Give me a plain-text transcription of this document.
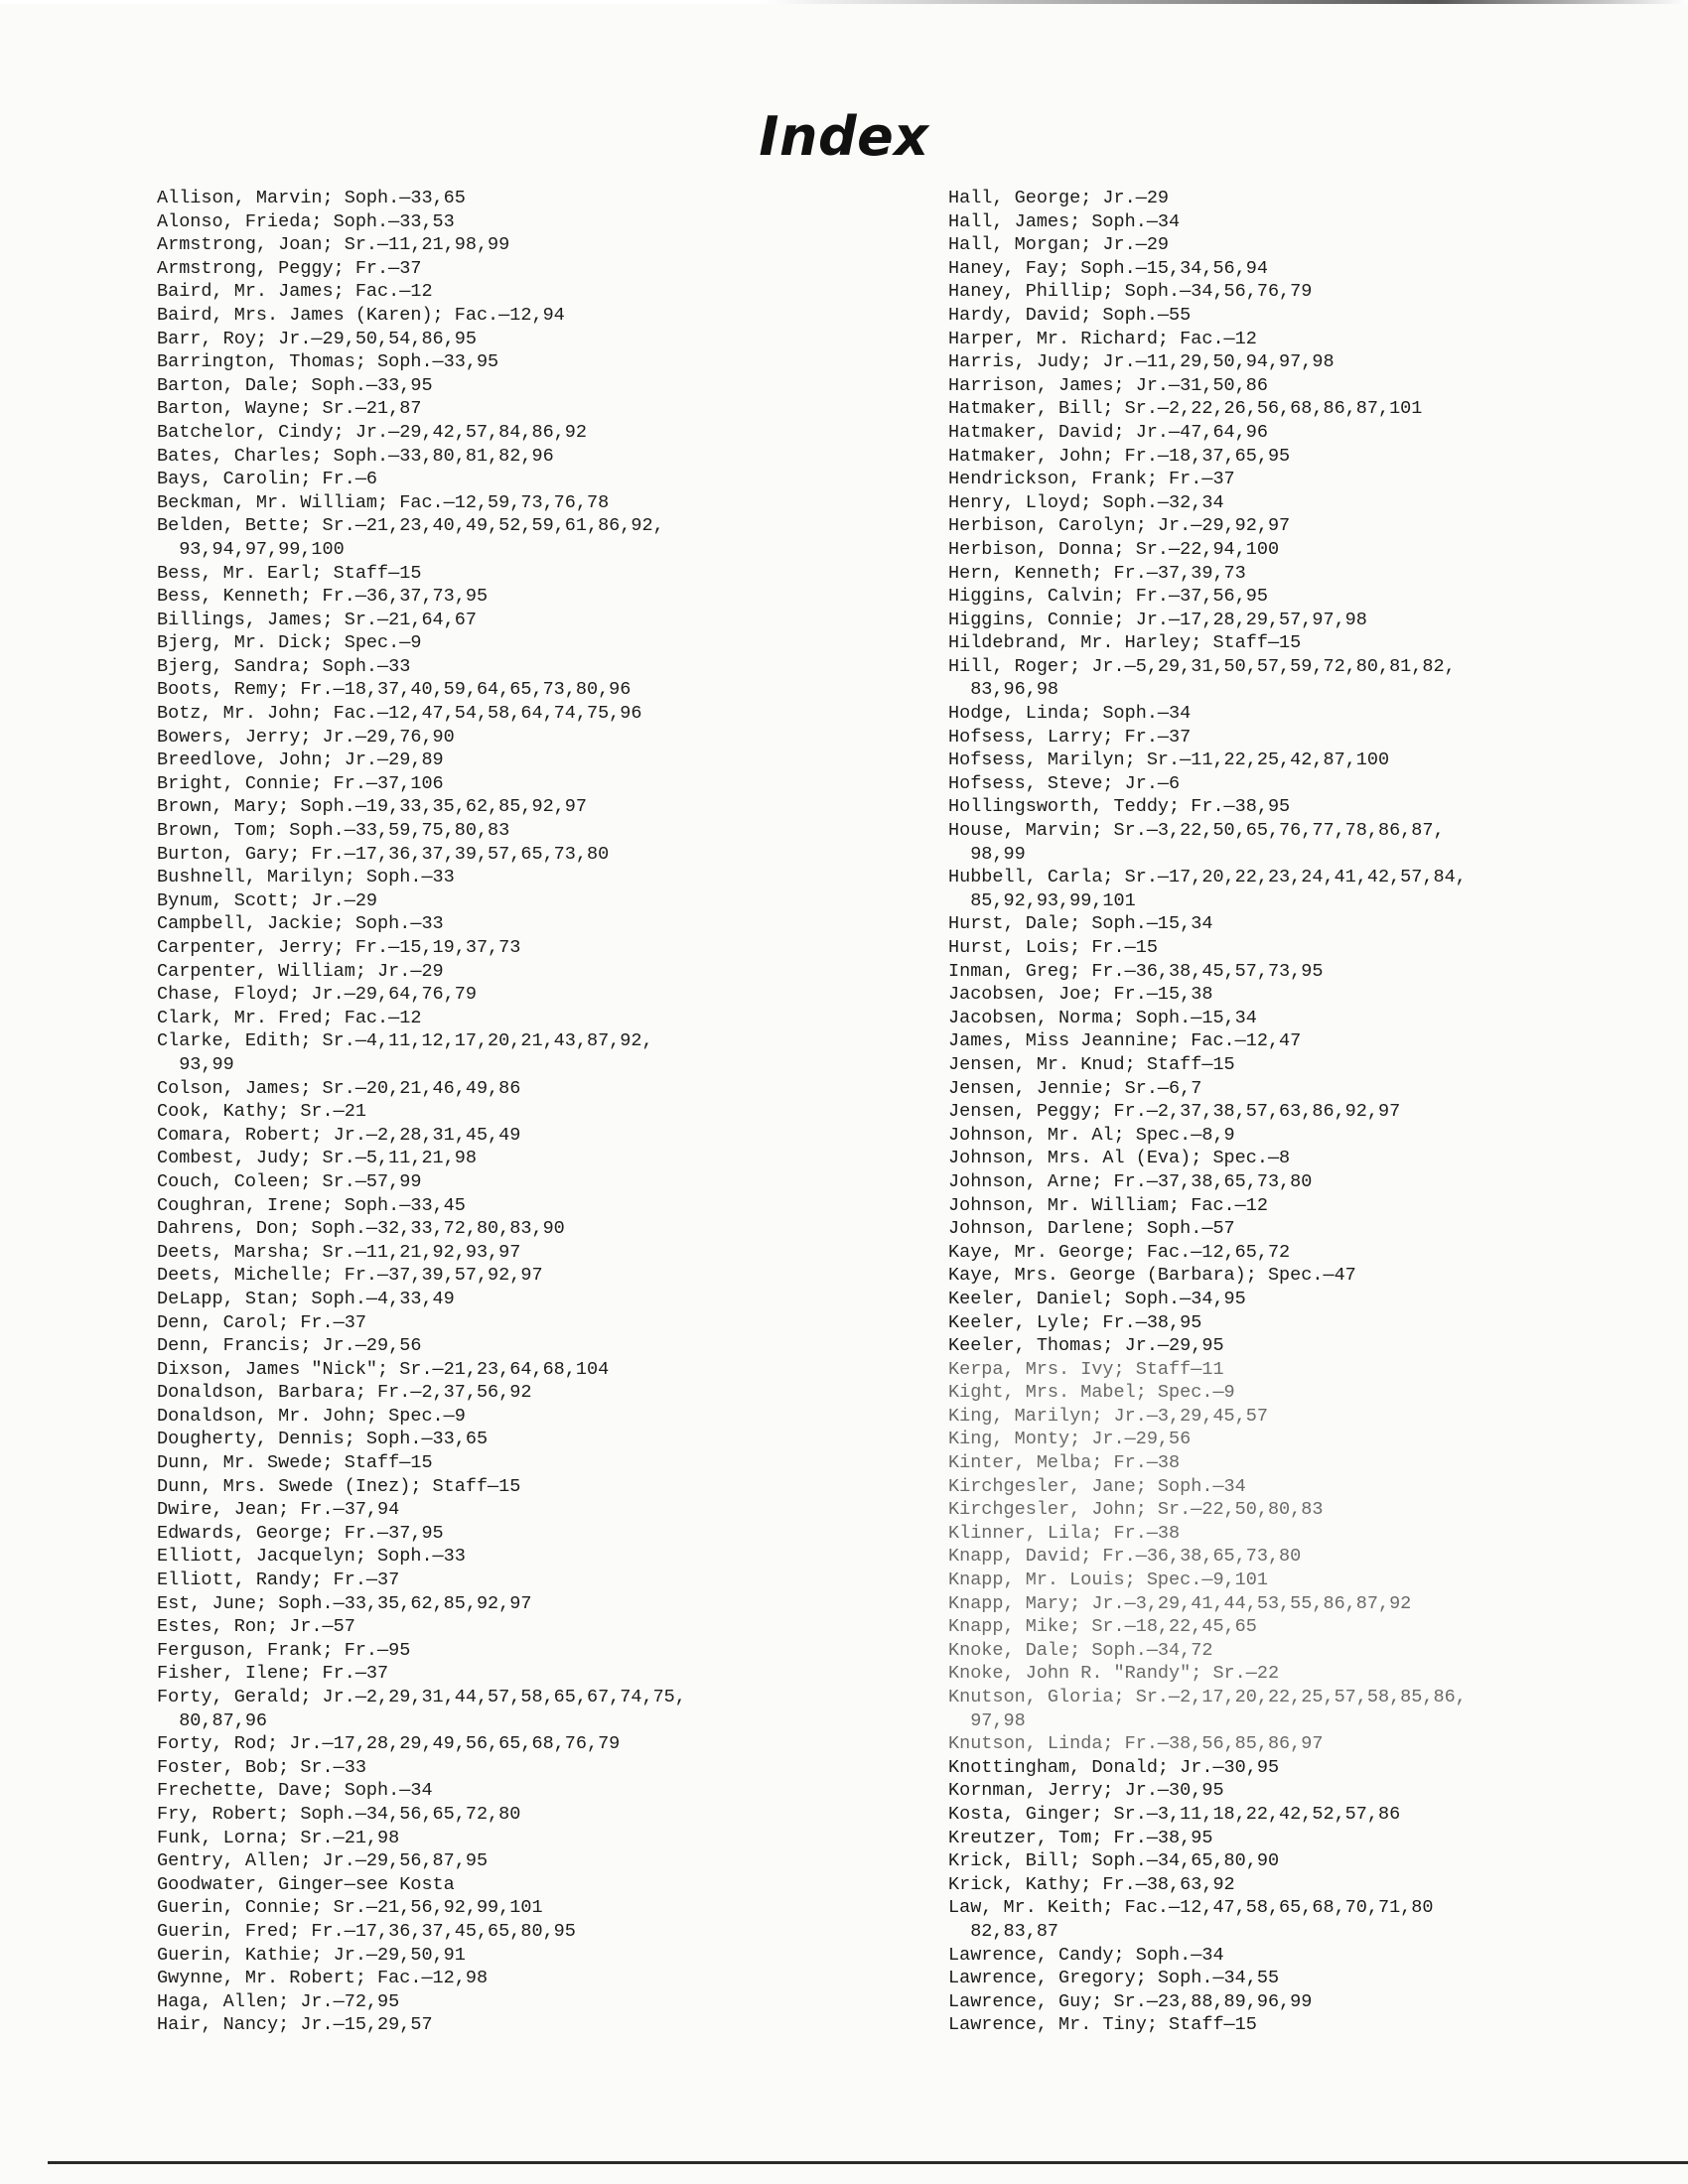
Index
Allison, Marvin; Soph.—33,65
Alonso, Frieda; Soph.—33,53
Armstrong, Joan; Sr.—11,21,98,99
Armstrong, Peggy; Fr.—37
Baird, Mr. James; Fac.—12
Baird, Mrs. James (Karen); Fac.—12,94
Barr, Roy; Jr.—29,50,54,86,95
Barrington, Thomas; Soph.—33,95
Barton, Dale; Soph.—33,95
Barton, Wayne; Sr.—21,87
Batchelor, Cindy; Jr.—29,42,57,84,86,92
Bates, Charles; Soph.—33,80,81,82,96
Bays, Carolin; Fr.—6
Beckman, Mr. William; Fac.—12,59,73,76,78
Belden, Bette; Sr.—21,23,40,49,52,59,61,86,92,
93,94,97,99,100
Bess, Mr. Earl; Staff—15
Bess, Kenneth; Fr.—36,37,73,95
Billings, James; Sr.—21,64,67
Bjerg, Mr. Dick; Spec.—9
Bjerg, Sandra; Soph.—33
Boots, Remy; Fr.—18,37,40,59,64,65,73,80,96
Botz, Mr. John; Fac.—12,47,54,58,64,74,75,96
Bowers, Jerry; Jr.—29,76,90
Breedlove, John; Jr.—29,89
Bright, Connie; Fr.—37,106
Brown, Mary; Soph.—19,33,35,62,85,92,97
Brown, Tom; Soph.—33,59,75,80,83
Burton, Gary; Fr.—17,36,37,39,57,65,73,80
Bushnell, Marilyn; Soph.—33
Bynum, Scott; Jr.—29
Campbell, Jackie; Soph.—33
Carpenter, Jerry; Fr.—15,19,37,73
Carpenter, William; Jr.—29
Chase, Floyd; Jr.—29,64,76,79
Clark, Mr. Fred; Fac.—12
Clarke, Edith; Sr.—4,11,12,17,20,21,43,87,92,
93,99
Colson, James; Sr.—20,21,46,49,86
Cook, Kathy; Sr.—21
Comara, Robert; Jr.—2,28,31,45,49
Combest, Judy; Sr.—5,11,21,98
Couch, Coleen; Sr.—57,99
Coughran, Irene; Soph.—33,45
Dahrens, Don; Soph.—32,33,72,80,83,90
Deets, Marsha; Sr.—11,21,92,93,97
Deets, Michelle; Fr.—37,39,57,92,97
DeLapp, Stan; Soph.—4,33,49
Denn, Carol; Fr.—37
Denn, Francis; Jr.—29,56
Dixson, James "Nick"; Sr.—21,23,64,68,104
Donaldson, Barbara; Fr.—2,37,56,92
Donaldson, Mr. John; Spec.—9
Dougherty, Dennis; Soph.—33,65
Dunn, Mr. Swede; Staff—15
Dunn, Mrs. Swede (Inez); Staff—15
Dwire, Jean; Fr.—37,94
Edwards, George; Fr.—37,95
Elliott, Jacquelyn; Soph.—33
Elliott, Randy; Fr.—37
Est, June; Soph.—33,35,62,85,92,97
Estes, Ron; Jr.—57
Ferguson, Frank; Fr.—95
Fisher, Ilene; Fr.—37
Forty, Gerald; Jr.—2,29,31,44,57,58,65,67,74,75,
80,87,96
Forty, Rod; Jr.—17,28,29,49,56,65,68,76,79
Foster, Bob; Sr.—33
Frechette, Dave; Soph.—34
Fry, Robert; Soph.—34,56,65,72,80
Funk, Lorna; Sr.—21,98
Gentry, Allen; Jr.—29,56,87,95
Goodwater, Ginger—see Kosta
Guerin, Connie; Sr.—21,56,92,99,101
Guerin, Fred; Fr.—17,36,37,45,65,80,95
Guerin, Kathie; Jr.—29,50,91
Gwynne, Mr. Robert; Fac.—12,98
Haga, Allen; Jr.—72,95
Hair, Nancy; Jr.—15,29,57
Hall, George; Jr.—29
Hall, James; Soph.—34
Hall, Morgan; Jr.—29
Haney, Fay; Soph.—15,34,56,94
Haney, Phillip; Soph.—34,56,76,79
Hardy, David; Soph.—55
Harper, Mr. Richard; Fac.—12
Harris, Judy; Jr.—11,29,50,94,97,98
Harrison, James; Jr.—31,50,86
Hatmaker, Bill; Sr.—2,22,26,56,68,86,87,101
Hatmaker, David; Jr.—47,64,96
Hatmaker, John; Fr.—18,37,65,95
Hendrickson, Frank; Fr.—37
Henry, Lloyd; Soph.—32,34
Herbison, Carolyn; Jr.—29,92,97
Herbison, Donna; Sr.—22,94,100
Hern, Kenneth; Fr.—37,39,73
Higgins, Calvin; Fr.—37,56,95
Higgins, Connie; Jr.—17,28,29,57,97,98
Hildebrand, Mr. Harley; Staff—15
Hill, Roger; Jr.—5,29,31,50,57,59,72,80,81,82,
83,96,98
Hodge, Linda; Soph.—34
Hofsess, Larry; Fr.—37
Hofsess, Marilyn; Sr.—11,22,25,42,87,100
Hofsess, Steve; Jr.—6
Hollingsworth, Teddy; Fr.—38,95
House, Marvin; Sr.—3,22,50,65,76,77,78,86,87,
98,99
Hubbell, Carla; Sr.—17,20,22,23,24,41,42,57,84,
85,92,93,99,101
Hurst, Dale; Soph.—15,34
Hurst, Lois; Fr.—15
Inman, Greg; Fr.—36,38,45,57,73,95
Jacobsen, Joe; Fr.—15,38
Jacobsen, Norma; Soph.—15,34
James, Miss Jeannine; Fac.—12,47
Jensen, Mr. Knud; Staff—15
Jensen, Jennie; Sr.—6,7
Jensen, Peggy; Fr.—2,37,38,57,63,86,92,97
Johnson, Mr. Al; Spec.—8,9
Johnson, Mrs. Al (Eva); Spec.—8
Johnson, Arne; Fr.—37,38,65,73,80
Johnson, Mr. William; Fac.—12
Johnson, Darlene; Soph.—57
Kaye, Mr. George; Fac.—12,65,72
Kaye, Mrs. George (Barbara); Spec.—47
Keeler, Daniel; Soph.—34,95
Keeler, Lyle; Fr.—38,95
Keeler, Thomas; Jr.—29,95
Kerpa, Mrs. Ivy; Staff—11
Kight, Mrs. Mabel; Spec.—9
King, Marilyn; Jr.—3,29,45,57
King, Monty; Jr.—29,56
Kinter, Melba; Fr.—38
Kirchgesler, Jane; Soph.—34
Kirchgesler, John; Sr.—22,50,80,83
Klinner, Lila; Fr.—38
Knapp, David; Fr.—36,38,65,73,80
Knapp, Mr. Louis; Spec.—9,101
Knapp, Mary; Jr.—3,29,41,44,53,55,86,87,92
Knapp, Mike; Sr.—18,22,45,65
Knoke, Dale; Soph.—34,72
Knoke, John R. "Randy"; Sr.—22
Knutson, Gloria; Sr.—2,17,20,22,25,57,58,85,86,
97,98
Knutson, Linda; Fr.—38,56,85,86,97
Knottingham, Donald; Jr.—30,95
Kornman, Jerry; Jr.—30,95
Kosta, Ginger; Sr.—3,11,18,22,42,52,57,86
Kreutzer, Tom; Fr.—38,95
Krick, Bill; Soph.—34,65,80,90
Krick, Kathy; Fr.—38,63,92
Law, Mr. Keith; Fac.—12,47,58,65,68,70,71,80
82,83,87
Lawrence, Candy; Soph.—34
Lawrence, Gregory; Soph.—34,55
Lawrence, Guy; Sr.—23,88,89,96,99
Lawrence, Mr. Tiny; Staff—15
